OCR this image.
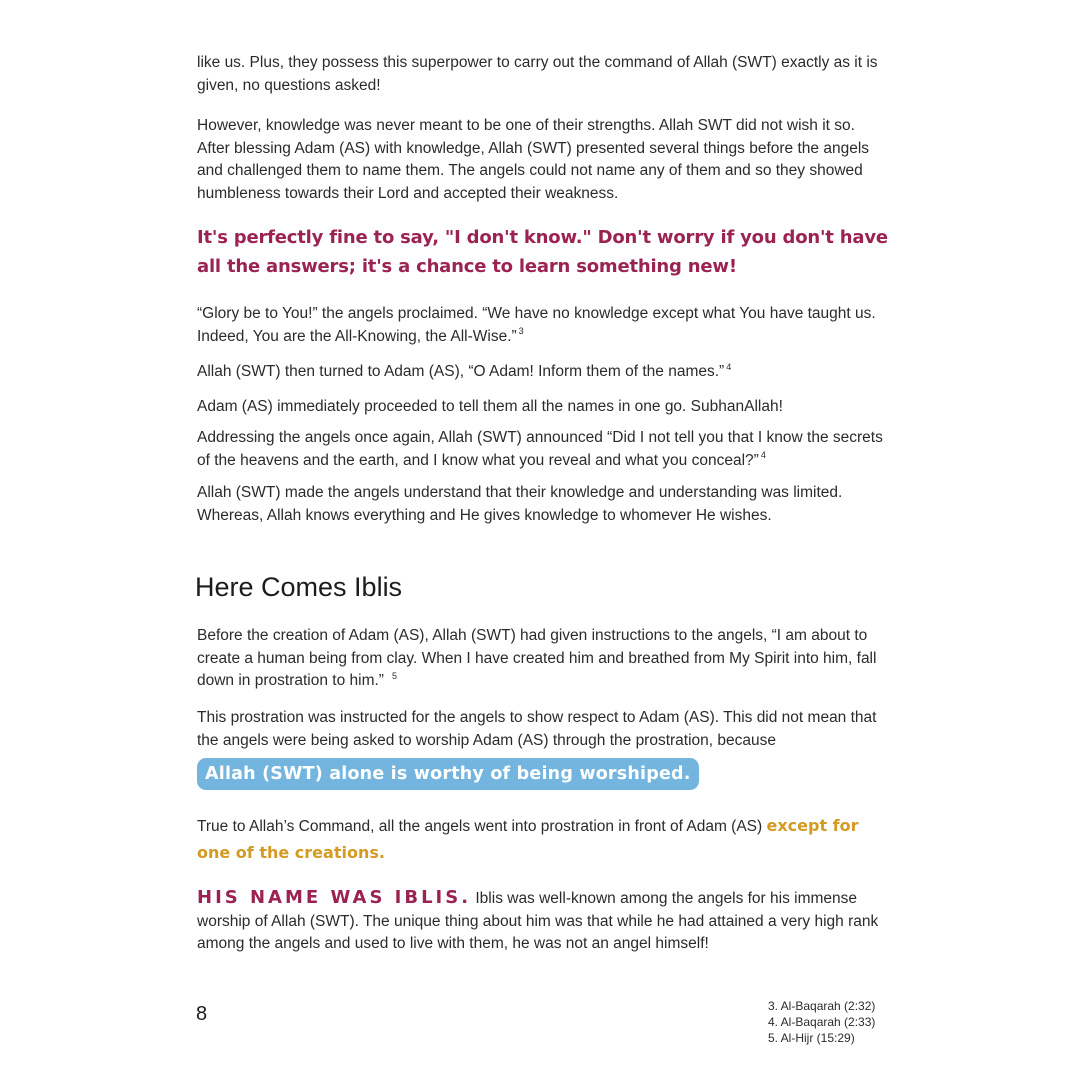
like us. Plus, they possess this superpower to carry out the command of Allah (SWT) exactly as it is given, no questions asked!

However, knowledge was never meant to be one of their strengths. Allah SWT did not wish it so. After blessing Adam (AS) with knowledge, Allah (SWT) presented several things before the angels and challenged them to name them. The angels could not name any of them and so they showed humbleness towards their Lord and accepted their weakness.

It's perfectly fine to say, "I don't know." Don't worry if you don't have all the answers; it's a chance to learn something new!

“Glory be to You!” the angels proclaimed. “We have no knowledge except what You have taught us. Indeed, You are the All-Knowing, the All-Wise.” $^3$

Allah (SWT) then turned to Adam (AS), “O Adam! Inform them of the names.” $^4$

Adam (AS) immediately proceeded to tell them all the names in one go. SubhanAllah!

Addressing the angels once again, Allah (SWT) announced “Did I not tell you that I know the secrets of the heavens and the earth, and I know what you reveal and what you conceal?” $^4$

Allah (SWT) made the angels understand that their knowledge and understanding was limited. Whereas, Allah knows everything and He gives knowledge to whomever He wishes.

Here Comes Iblis

Before the creation of Adam (AS), Allah (SWT) had given instructions to the angels, “I am about to create a human being from clay. When I have created him and breathed from My Spirit into him, fall down in prostration to him.” $^5$

This prostration was instructed for the angels to show respect to Adam (AS). This did not mean that the angels were being asked to worship Adam (AS) through the prostration, because

Allah (SWT) alone is worthy of being worshiped.

True to Allah’s Command, all the angels went into prostration in front of Adam (AS) except for one of the creations.

HIS NAME WAS IBLIS. Iblis was well-known among the angels for his immense worship of Allah (SWT). The unique thing about him was that while he had attained a very high rank among the angels and used to live with them, he was not an angel himself!

8	3. Al-Baqarah (2:32)
4. Al-Baqarah (2:33)
5. Al-Hijr (15:29)
